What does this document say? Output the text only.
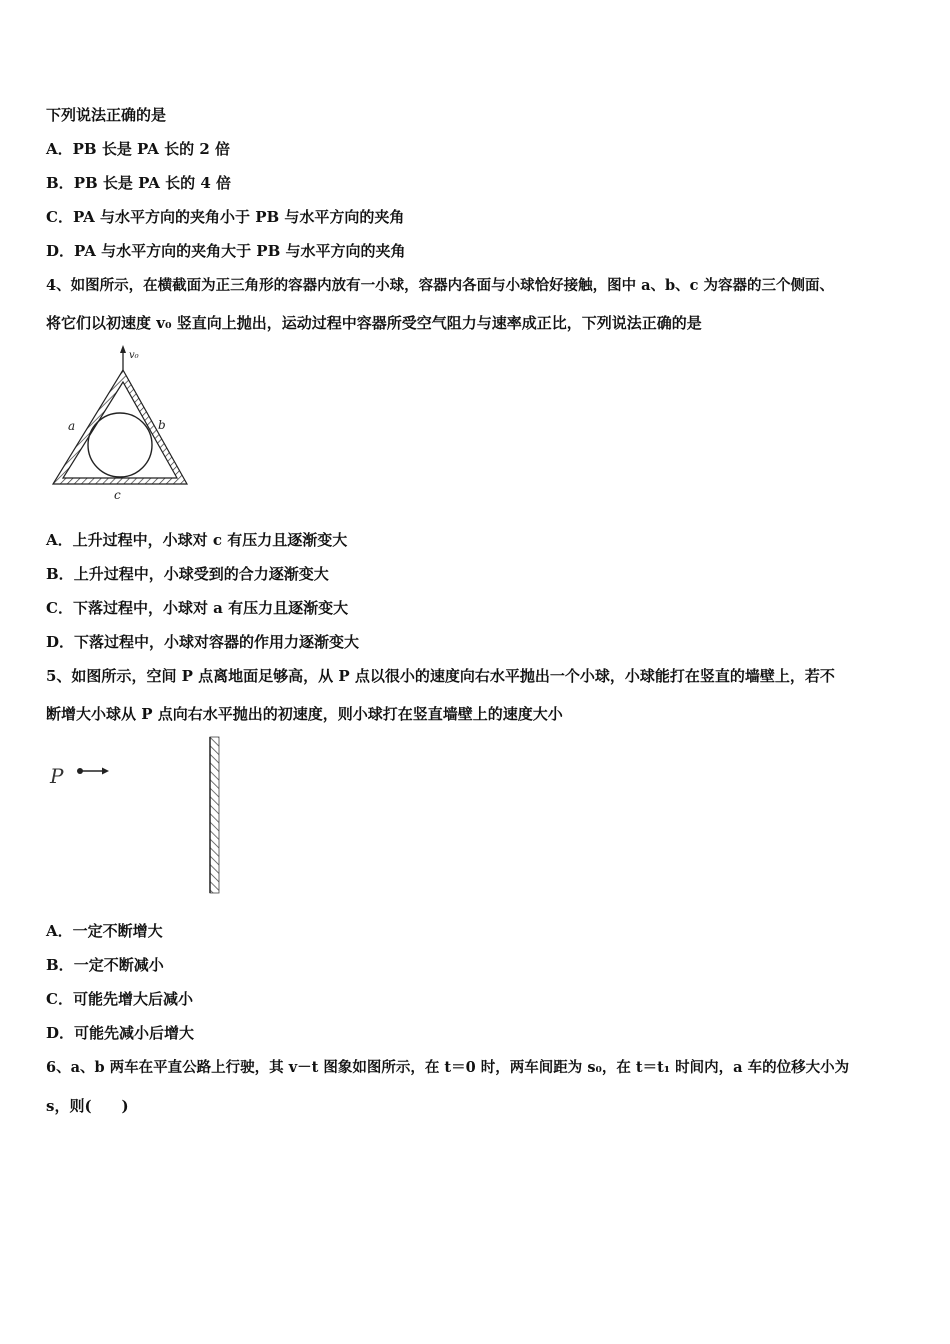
下列说法正确的是
A．PB 长是 PA 长的 2 倍
B．PB 长是 PA 长的 4 倍
C．PA 与水平方向的夹角小于 PB 与水平方向的夹角
D．PA 与水平方向的夹角大于 PB 与水平方向的夹角
4、如图所示，在横截面为正三角形的容器内放有一小球，容器内各面与小球恰好接触，图中 a、b、c 为容器的三个侧面、
将它们以初速度 v₀ 竖直向上抛出，运动过程中容器所受空气阻力与速率成正比，下列说法正确的是
v₀
a	b
c
A．上升过程中，小球对 c 有压力且逐渐变大
B．上升过程中，小球受到的合力逐渐变大
C．下落过程中，小球对 a 有压力且逐渐变大
D．下落过程中，小球对容器的作用力逐渐变大
5、如图所示，空间 P 点离地面足够高，从 P 点以很小的速度向右水平抛出一个小球，小球能打在竖直的墙壁上，若不
断增大小球从 P 点向右水平抛出的初速度，则小球打在竖直墙壁上的速度大小
P
A．一定不断增大
B．一定不断减小
C．可能先增大后减小
D．可能先减小后增大
6、a、b 两车在平直公路上行驶，其 v－t 图象如图所示，在 t＝0 时，两车间距为 s₀，在 t＝t₁ 时间内，a 车的位移大小为
s，则(　　)
